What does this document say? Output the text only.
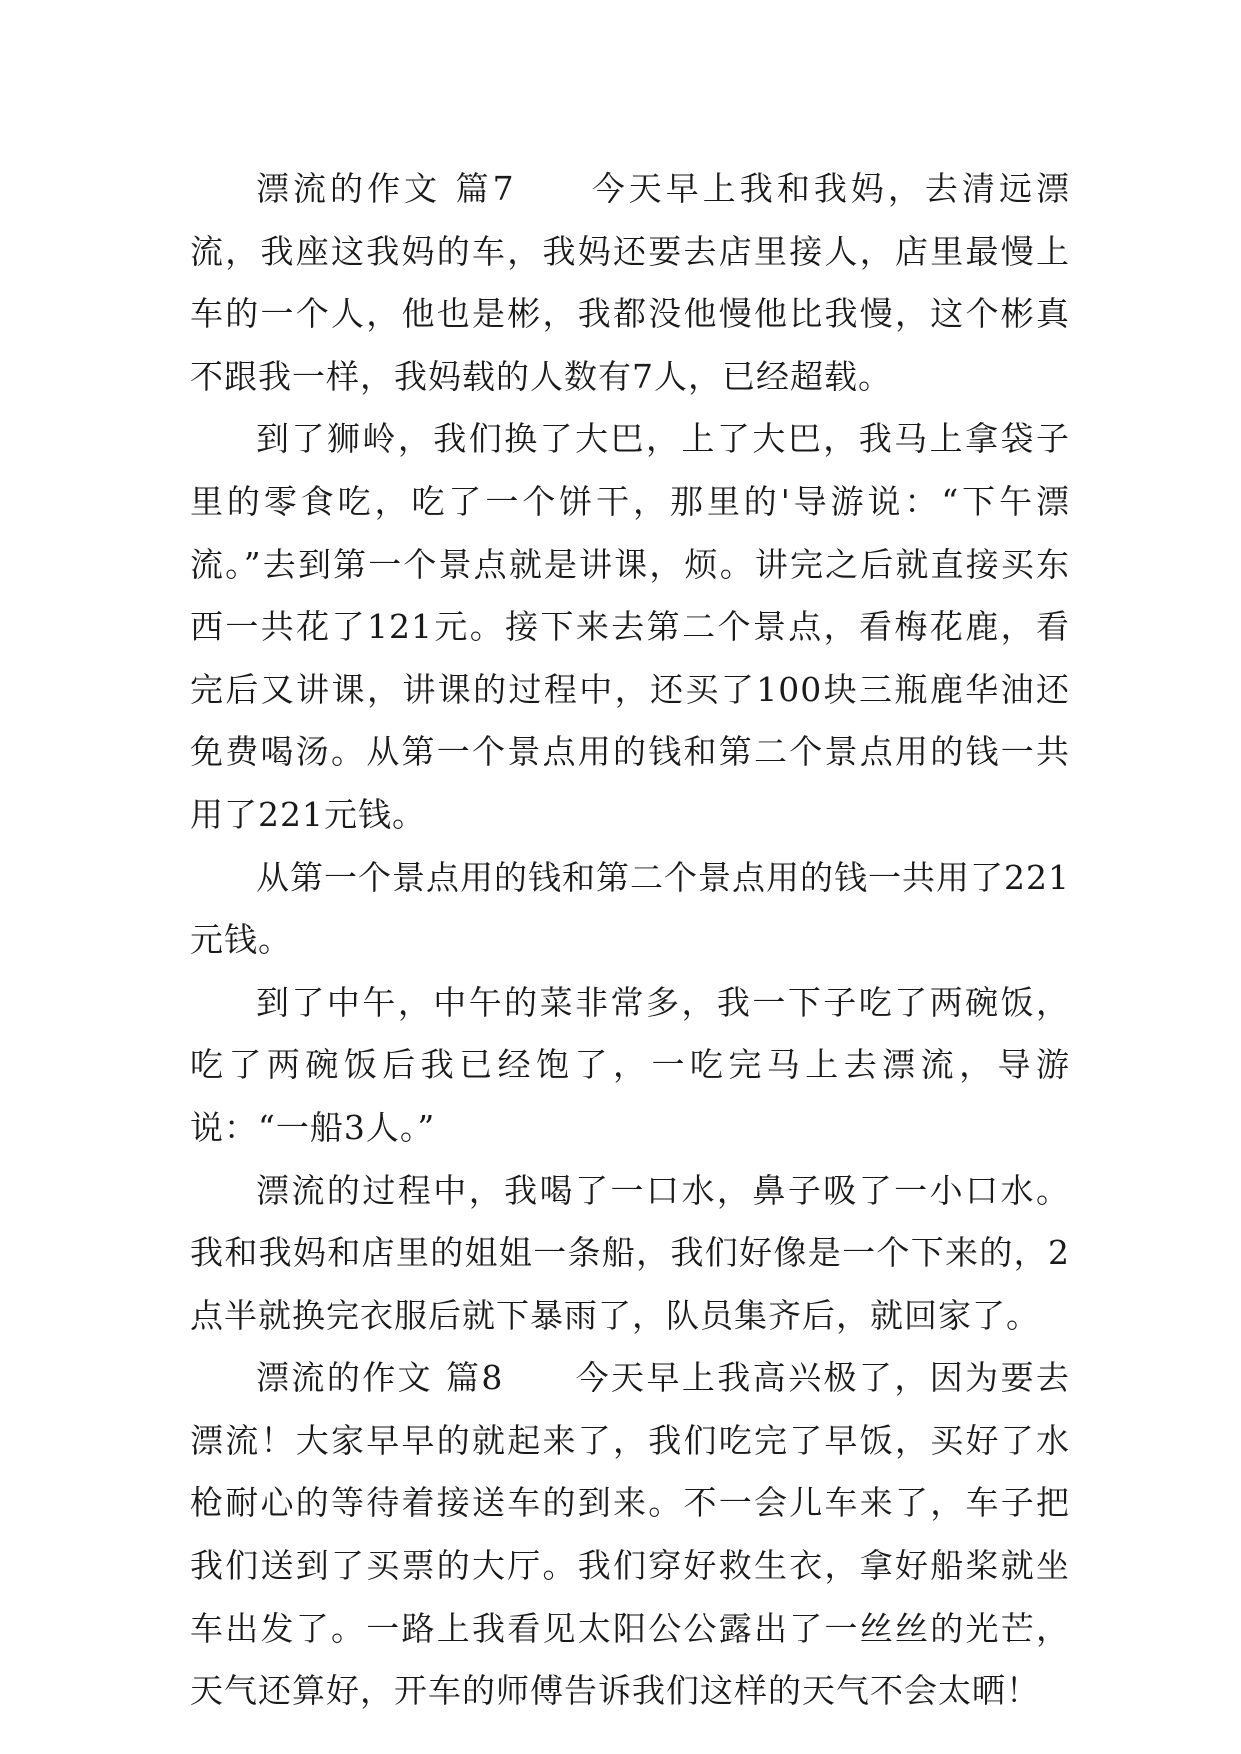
漂流的作文 篇7　　今天早上我和我妈，去清远漂流，我座这我妈的车，我妈还要去店里接人，店里最慢上车的一个人，他也是彬，我都没他慢他比我慢，这个彬真不跟我一样，我妈载的人数有7人，已经超载。

到了狮岭，我们换了大巴，上了大巴，我马上拿袋子里的零食吃，吃了一个饼干，那里的'导游说：“下午漂流。”去到第一个景点就是讲课，烦。讲完之后就直接买东西一共花了121元。接下来去第二个景点，看梅花鹿，看完后又讲课，讲课的过程中，还买了100块三瓶鹿华油还免费喝汤。从第一个景点用的钱和第二个景点用的钱一共用了221元钱。

从第一个景点用的钱和第二个景点用的钱一共用了221元钱。

到了中午，中午的菜非常多，我一下子吃了两碗饭，吃了两碗饭后我已经饱了，一吃完马上去漂流，导游说：“一船3人。”

漂流的过程中，我喝了一口水，鼻子吸了一小口水。我和我妈和店里的姐姐一条船，我们好像是一个下来的，2点半就换完衣服后就下暴雨了，队员集齐后，就回家了。

漂流的作文 篇8　　今天早上我高兴极了，因为要去漂流！大家早早的就起来了，我们吃完了早饭，买好了水枪耐心的等待着接送车的到来。不一会儿车来了，车子把我们送到了买票的大厅。我们穿好救生衣，拿好船桨就坐车出发了。一路上我看见太阳公公露出了一丝丝的光芒，天气还算好，开车的师傅告诉我们这样的天气不会太晒！
